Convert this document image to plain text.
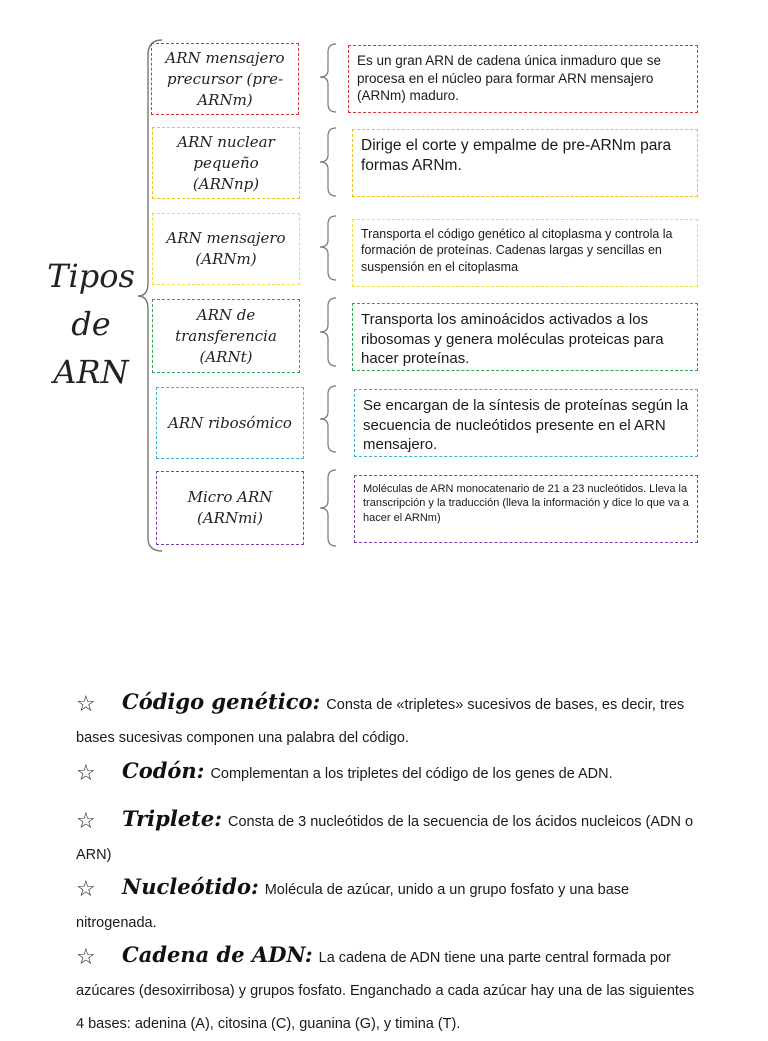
Tipos de
ARN
ARN mensajero precursor (pre-ARNm)
ARN nuclear pequeño (ARNnp)
ARN mensajero (ARNm)
ARN de transferencia (ARNt)
ARN ribosómico
Micro ARN (ARNmi)
Es un gran ARN de cadena única inmaduro que se procesa en el núcleo para formar ARN mensajero (ARNm) maduro.
Dirige el corte y empalme de pre-ARNm para formas ARNm.
Transporta el código genético al citoplasma y controla la formación de proteínas. Cadenas largas y sencillas en suspensión en el citoplasma
Transporta los aminoácidos activados a los ribosomas y genera moléculas proteicas para hacer proteínas.
Se encargan de la síntesis de proteínas según la secuencia de nucleótidos presente en el ARN mensajero.
Moléculas de ARN monocatenario de 21 a 23 nucleótidos. Lleva la transcripción y la traducción (lleva la información y dice lo que va a hacer el ARNm)
☆ Código genético: Consta de «tripletes» sucesivos de bases, es decir, tres bases sucesivas componen una palabra del código.
☆ Codón: Complementan a los tripletes del código de los genes de ADN.
☆ Triplete: Consta de 3 nucleótidos de la secuencia de los ácidos nucleicos (ADN o ARN)
☆ Nucleótido: Molécula de azúcar, unido a un grupo fosfato y una base nitrogenada.
☆ Cadena de ADN: La cadena de ADN tiene una parte central formada por azúcares (desoxirribosa) y grupos fosfato. Enganchado a cada azúcar hay una de las siguientes 4 bases: adenina (A), citosina (C), guanina (G), y timina (T).
